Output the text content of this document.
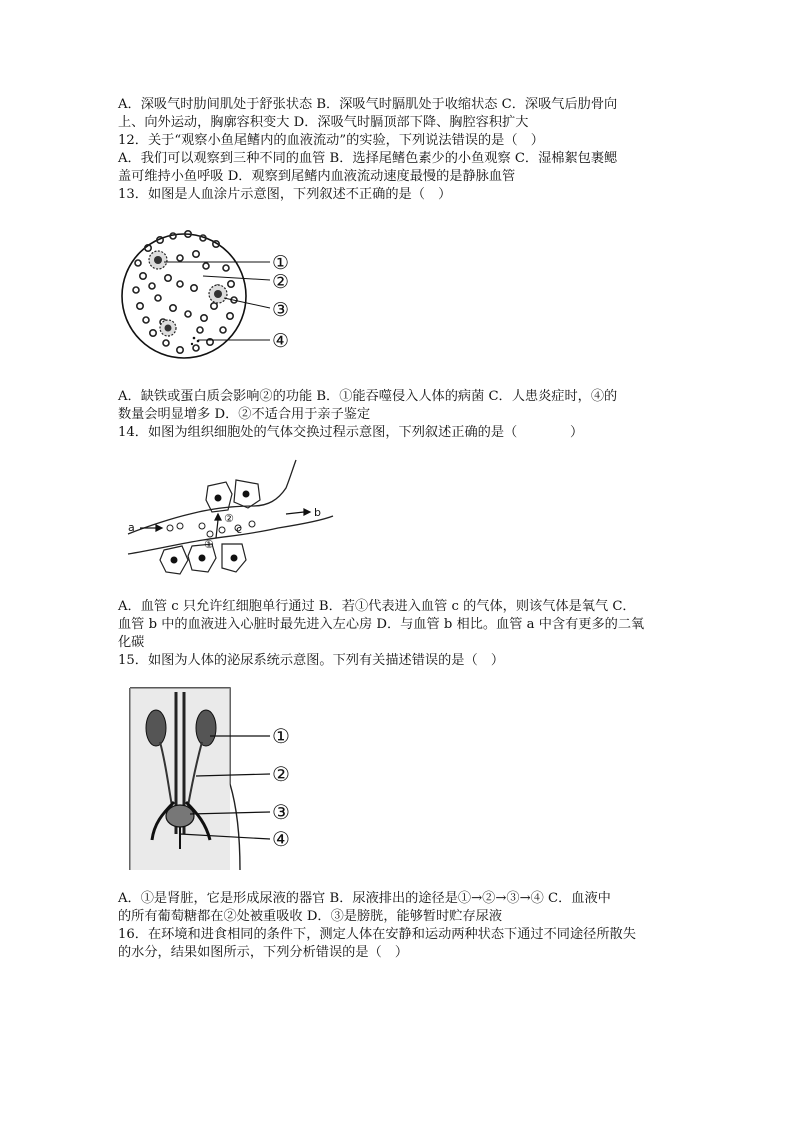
A．深吸气时肋间肌处于舒张状态 B．深吸气时膈肌处于收缩状态 C．深吸气后肋骨向
上、向外运动，胸廓容积变大 D．深吸气时膈顶部下降、胸腔容积扩大
12．关于“观察小鱼尾鳍内的血液流动”的实验，下列说法错误的是（　）
A．我们可以观察到三种不同的血管 B．选择尾鳍色素少的小鱼观察 C．湿棉絮包裹鳃
盖可维持小鱼呼吸 D．观察到尾鳍内血液流动速度最慢的是静脉血管
13．如图是人血涂片示意图，下列叙述不正确的是（　）
①
②
③
④
A．缺铁或蛋白质会影响②的功能 B．①能吞噬侵入人体的病菌 C．人患炎症时，④的
数量会明显增多 D．②不适合用于亲子鉴定
14．如图为组织细胞处的气体交换过程示意图，下列叙述正确的是（　　　　）
a
b
c
①
②
A．血管 c 只允许红细胞单行通过 B．若①代表进入血管 c 的气体，则该气体是氧气 C．
血管 b 中的血液进入心脏时最先进入左心房 D．与血管 b 相比。血管 a 中含有更多的二氧
化碳
15．如图为人体的泌尿系统示意图。下列有关描述错误的是（　）
①
②
③
④
A．①是肾脏，它是形成尿液的器官 B．尿液排出的途径是①→②→③→④ C．血液中
的所有葡萄糖都在②处被重吸收 D．③是膀胱，能够暂时贮存尿液
16．在环境和进食相同的条件下，测定人体在安静和运动两种状态下通过不同途径所散失
的水分，结果如图所示，下列分析错误的是（　）
